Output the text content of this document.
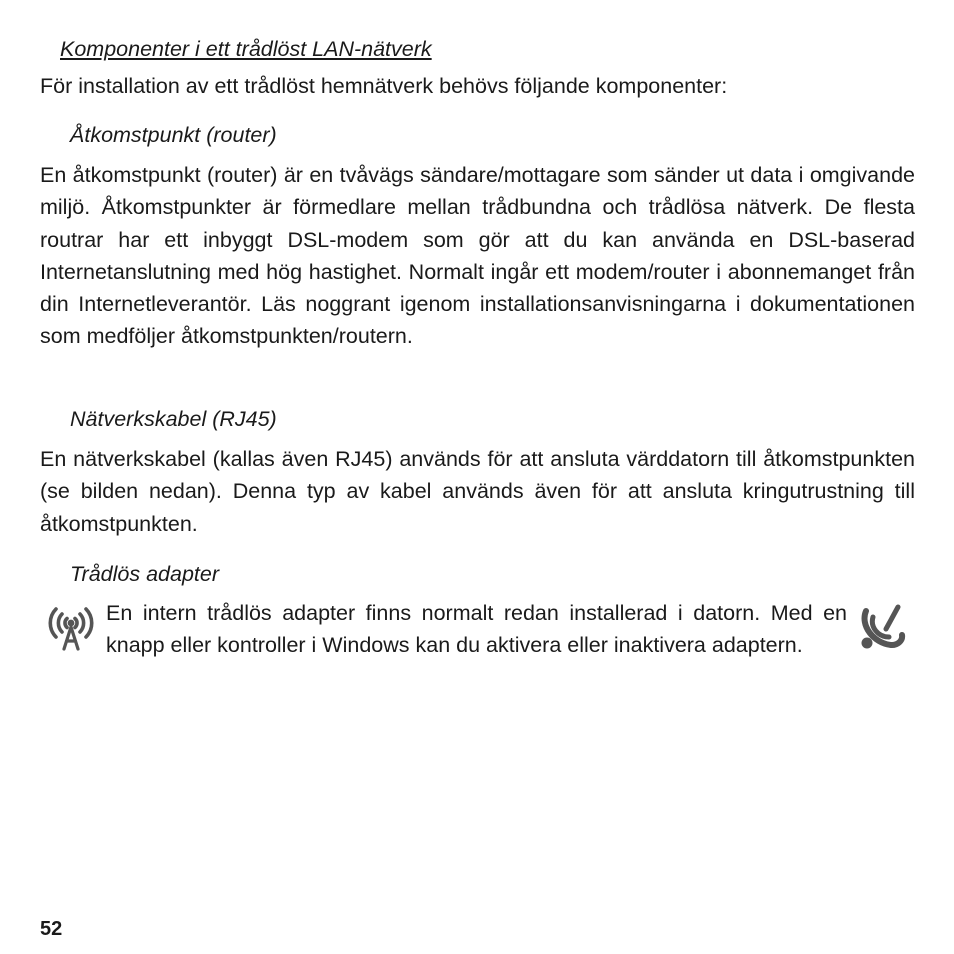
Komponenter i ett trådlöst LAN-nätverk
För installation av ett trådlöst hemnätverk behövs följande komponenter:
Åtkomstpunkt (router)

En åtkomstpunkt (router) är en tvåvägs sändare/mottagare som sänder ut data i omgivande miljö. Åtkomstpunkter är förmedlare mellan trådbundna och trådlösa nätverk. De flesta routrar har ett inbyggt DSL-modem som gör att du kan använda en DSL-baserad Internetanslutning med hög hastighet. Normalt ingår ett modem/router i abonnemanget från din Internetleverantör. Läs noggrant igenom installationsanvisningarna i dokumentationen som medföljer åtkomstpunkten/routern.

Nätverkskabel (RJ45)

En nätverkskabel (kallas även RJ45) används för att ansluta värddatorn till åtkomstpunkten (se bilden nedan). Denna typ av kabel används även för att ansluta kringutrustning till åtkomstpunkten.

Trådlös adapter
En intern trådlös adapter finns normalt redan installerad i datorn. Med en knapp eller kontroller i Windows kan du aktivera eller inaktivera adaptern.
52
